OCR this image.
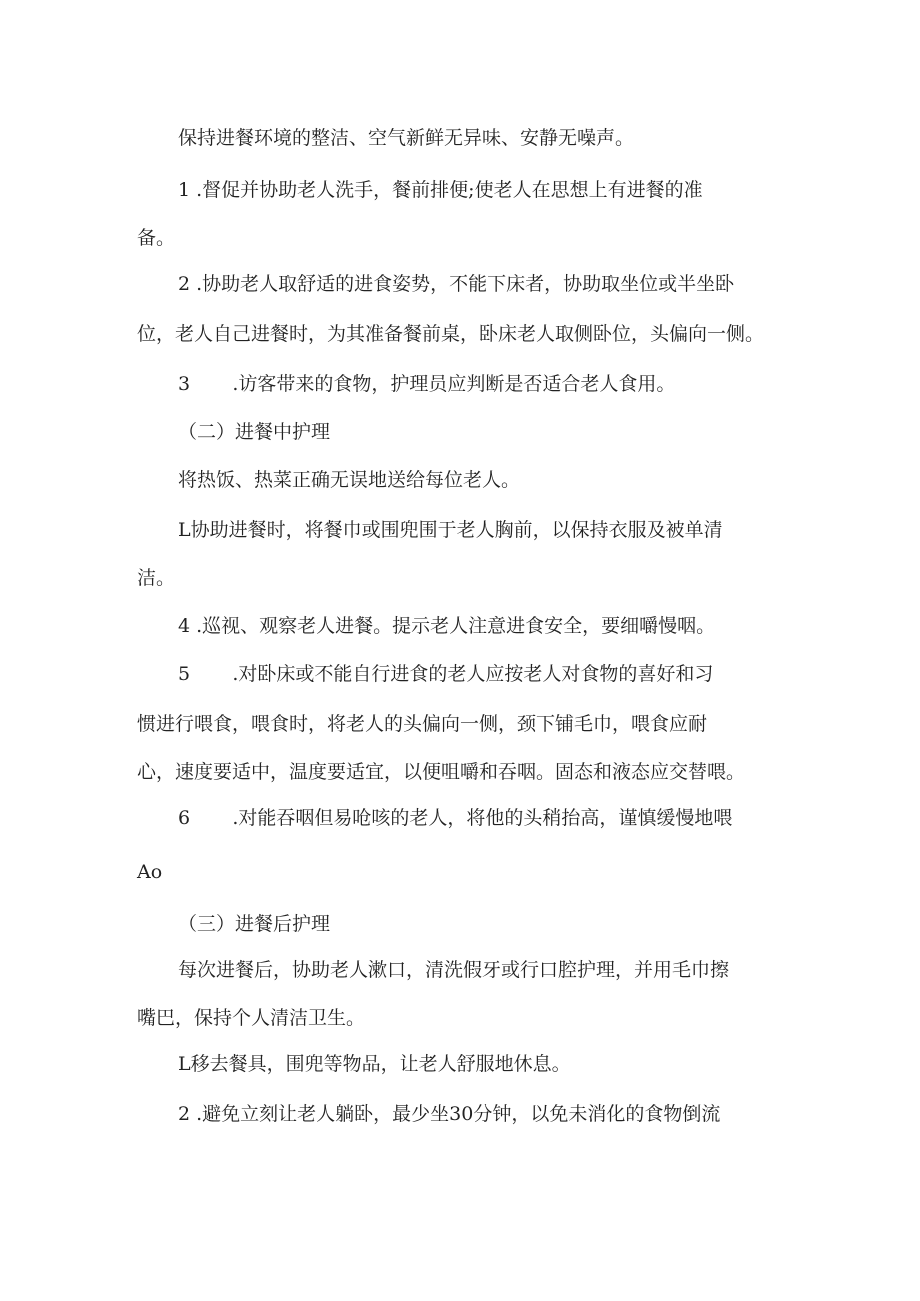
保持进餐环境的整洁、空气新鲜无异味、安静无噪声。

1 .督促并协助老人洗手，餐前排便;使老人在思想上有进餐的准

备。

2 .协助老人取舒适的进食姿势，不能下床者，协助取坐位或半坐卧

位，老人自己进餐时，为其准备餐前桌，卧床老人取侧卧位，头偏向一侧。

3       .访客带来的食物，护理员应判断是否适合老人食用。

（二）进餐中护理

将热饭、热菜正确无误地送给每位老人。

L协助进餐时，将餐巾或围兜围于老人胸前，以保持衣服及被单清

洁。

4 .巡视、观察老人进餐。提示老人注意进食安全，要细嚼慢咽。

5       .对卧床或不能自行进食的老人应按老人对食物的喜好和习

惯进行喂食，喂食时，将老人的头偏向一侧，颈下铺毛巾，喂食应耐

心，速度要适中，温度要适宜，以便咀嚼和吞咽。固态和液态应交替喂。

6       .对能吞咽但易呛咳的老人，将他的头稍抬高，谨慎缓慢地喂

Ao

（三）进餐后护理

每次进餐后，协助老人漱口，清洗假牙或行口腔护理，并用毛巾擦

嘴巴，保持个人清洁卫生。

L移去餐具，围兜等物品，让老人舒服地休息。

2 .避免立刻让老人躺卧，最少坐30分钟，以免未消化的食物倒流
